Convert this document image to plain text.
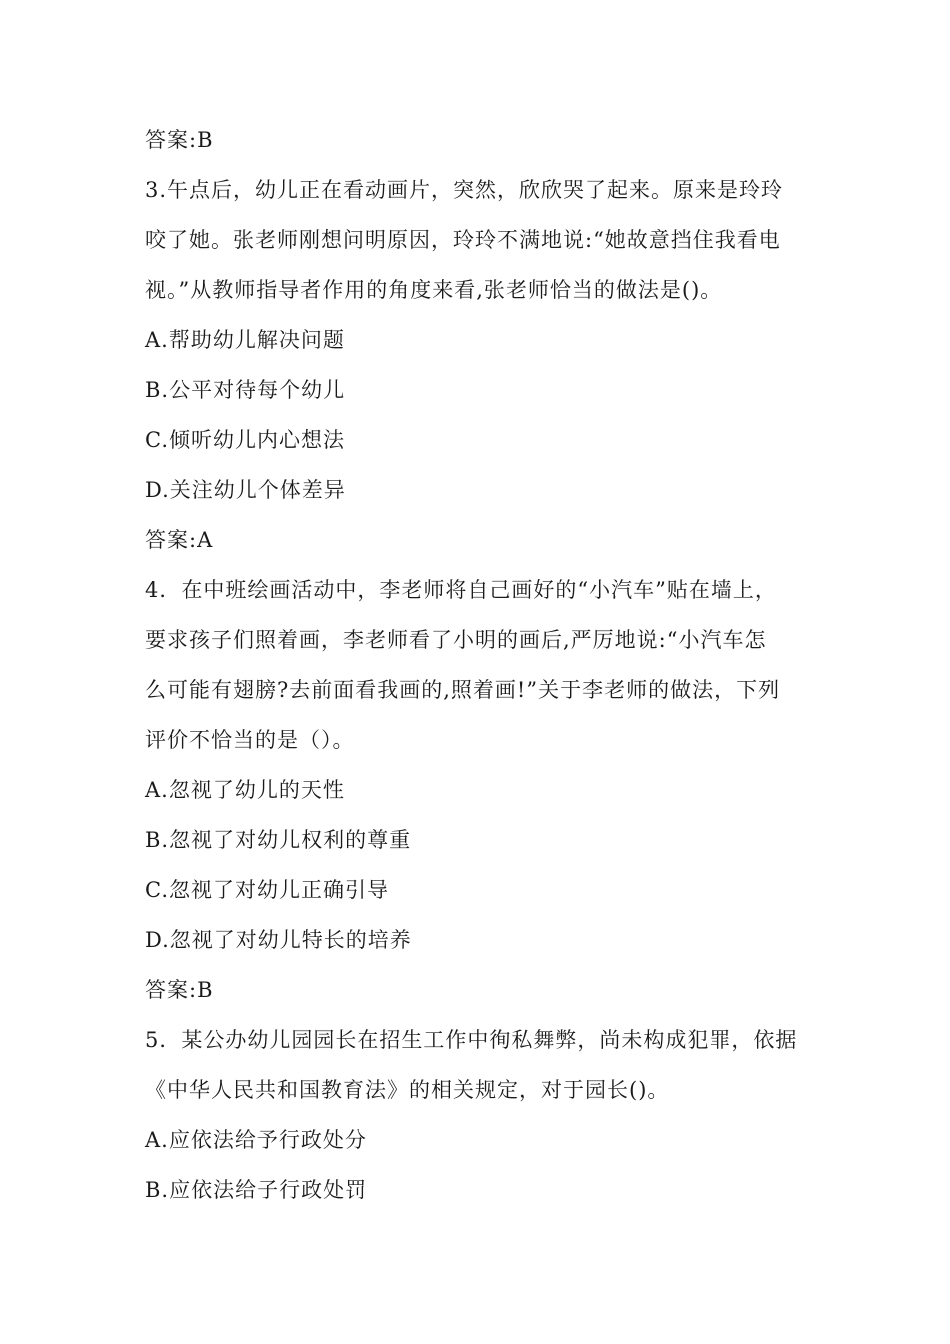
答案:B
3.午点后，幼儿正在看动画片，突然，欣欣哭了起来。原来是玲玲
咬了她。张老师刚想问明原因，玲玲不满地说:“她故意挡住我看电
视。”从教师指导者作用的角度来看,张老师恰当的做法是()。
A.帮助幼儿解决问题
B.公平对待每个幼儿
C.倾听幼儿内心想法
D.关注幼儿个体差异
答案:A
4．在中班绘画活动中，李老师将自己画好的“小汽车”贴在墙上，
要求孩子们照着画，李老师看了小明的画后,严厉地说:“小汽车怎
么可能有翅膀?去前面看我画的,照着画!”关于李老师的做法，下列
评价不恰当的是（）。
A.忽视了幼儿的天性
B.忽视了对幼儿权利的尊重
C.忽视了对幼儿正确引导
D.忽视了对幼儿特长的培养
答案:B
5．某公办幼儿园园长在招生工作中徇私舞弊，尚未构成犯罪，依据
《中华人民共和国教育法》的相关规定，对于园长()。
A.应依法给予行政处分
B.应依法给子行政处罚
